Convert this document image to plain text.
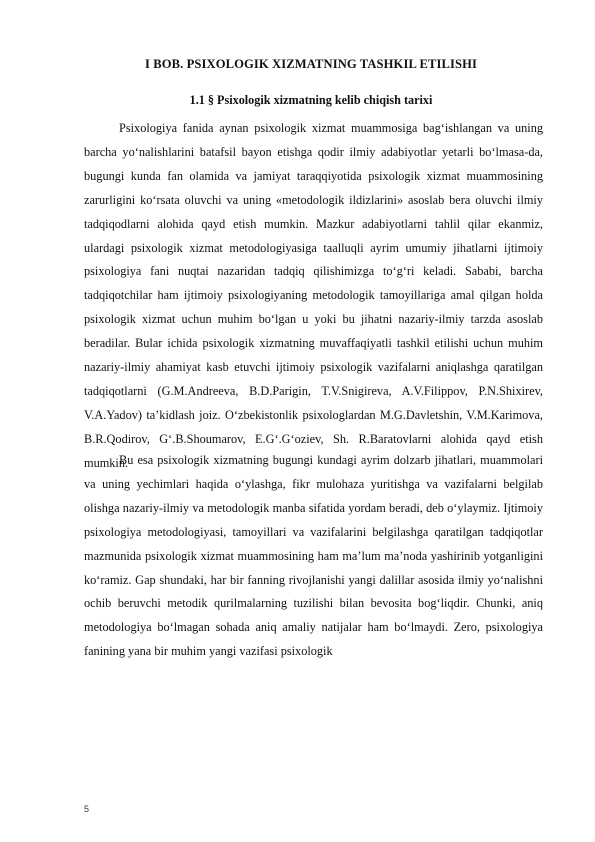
I BOB. PSIXOLOGIK XIZMATNING TASHKIL ETILISHI
1.1 § Psixologik xizmatning kelib chiqish tarixi

Psixologiya fanida aynan psixologik xizmat muammosiga bag‘ishlangan va uning barcha yo‘nalishlarini batafsil bayon etishga qodir ilmiy adabiyotlar yetarli bo‘lmasa-da, bugungi kunda fan olamida va jamiyat taraqqiyotida psixologik xizmat muammosining zarurligini ko‘rsata oluvchi va uning «metodologik ildizlarini» asoslab bera oluvchi ilmiy tadqiqodlarni alohida qayd etish mumkin. Mazkur adabiyotlarni tahlil qilar ekanmiz, ulardagi psixologik xizmat metodologiyasiga taalluqli ayrim umumiy jihatlarni ijtimoiy psixologiya fani nuqtai nazaridan tadqiq qilishimizga to‘g‘ri keladi. Sababi, barcha tadqiqotchilar ham ijtimoiy psixologiyaning metodologik tamoyillariga amal qilgan holda psixologik xizmat uchun muhim bo‘lgan u yoki bu jihatni nazariy-ilmiy tarzda asoslab beradilar. Bular ichida psixologik xizmatning muvaffaqiyatli tashkil etilishi uchun muhim nazariy-ilmiy ahamiyat kasb etuvchi ijtimoiy psixologik vazifalarni aniqlashga qaratilgan tadqiqotlarni (G.M.Andreeva, B.D.Parigin, T.V.Snigireva, A.V.Filippov, P.N.Shixirev, V.A.Yadov) ta’kidlash joiz. O‘zbekistonlik psixologlardan M.G.Davletshin, V.M.Karimova, B.R.Qodirov, G‘.B.Shoumarov, E.G‘.G‘oziev, Sh. R.Baratovlarni alohida qayd etish mumkin.

Bu esa psixologik xizmatning bugungi kundagi ayrim dolzarb jihatlari, muammolari va uning yechimlari haqida o‘ylashga, fikr mulohaza yuritishga va vazifalarni belgilab olishga nazariy-ilmiy va metodologik manba sifatida yordam beradi, deb o‘ylaymiz. Ijtimoiy psixologiya metodologiyasi, tamoyillari va vazifalarini belgilashga qaratilgan tadqiqotlar mazmunida psixologik xizmat muammosining ham ma’lum ma’noda yashirinib yotganligini ko‘ramiz. Gap shundaki, har bir fanning rivojlanishi yangi dalillar asosida ilmiy yo‘nalishni ochib beruvchi metodik qurilmalarning tuzilishi bilan bevosita bog‘liqdir. Chunki, aniq metodologiya bo‘lmagan sohada aniq amaliy natijalar ham bo‘lmaydi. Zero, psixologiya fanining yana bir muhim yangi vazifasi psixologik

5
